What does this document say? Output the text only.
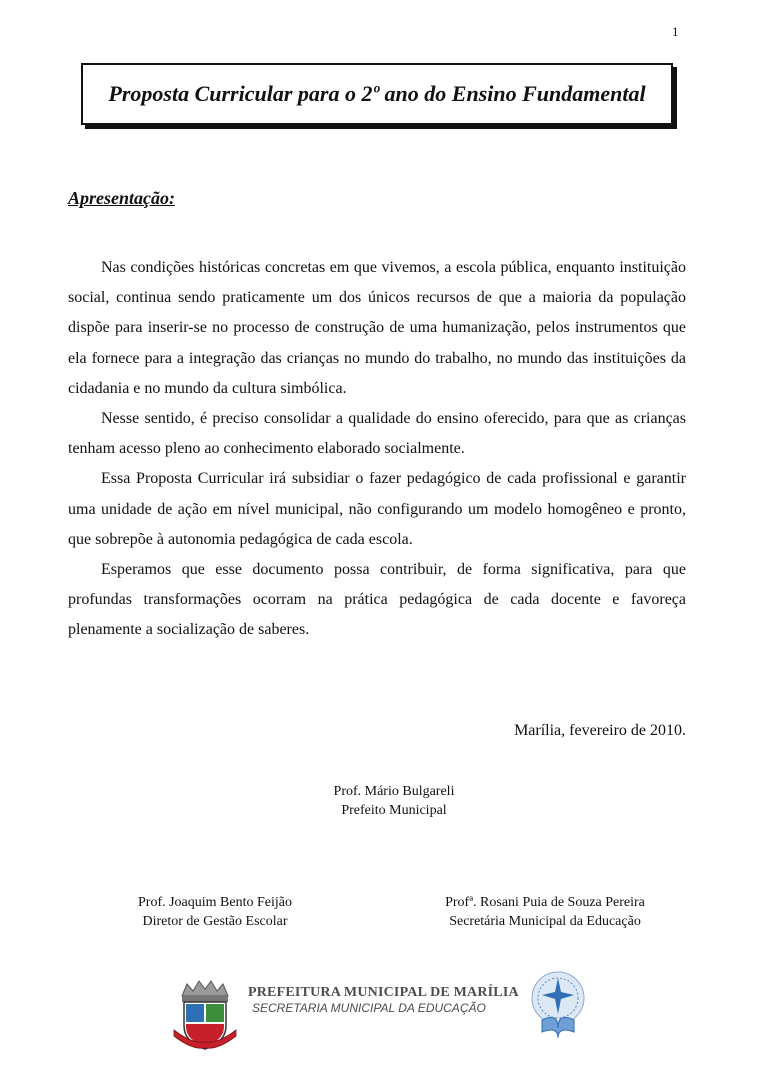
1
Proposta Curricular para o 2º ano do Ensino Fundamental
Apresentação:

Nas condições históricas concretas em que vivemos, a escola pública, enquanto instituição social, continua sendo praticamente um dos únicos recursos de que a maioria da população dispõe para inserir-se no processo de construção de uma humanização, pelos instrumentos que ela fornece para a integração das crianças no mundo do trabalho, no mundo das instituições da cidadania e no mundo da cultura simbólica.

Nesse sentido, é preciso consolidar a qualidade do ensino oferecido, para que as crianças tenham acesso pleno ao conhecimento elaborado socialmente.

Essa Proposta Curricular irá subsidiar o fazer pedagógico de cada profissional e garantir uma unidade de ação em nível municipal, não configurando um modelo homogêneo e pronto, que sobrepõe à autonomia pedagógica de cada escola.

Esperamos que esse documento possa contribuir, de forma significativa, para que profundas transformações ocorram na prática pedagógica de cada docente e favoreça plenamente a socialização de saberes.

Marília, fevereiro de 2010.
Prof. Mário Bulgareli
Prefeito Municipal
Prof. Joaquim Bento Feijão
Diretor de Gestão Escolar
Profª. Rosani Puia de Souza Pereira
Secretária Municipal da Educação
PREFEITURA MUNICIPAL DE MARÍLIA
SECRETARIA MUNICIPAL DA EDUCAÇÃO
